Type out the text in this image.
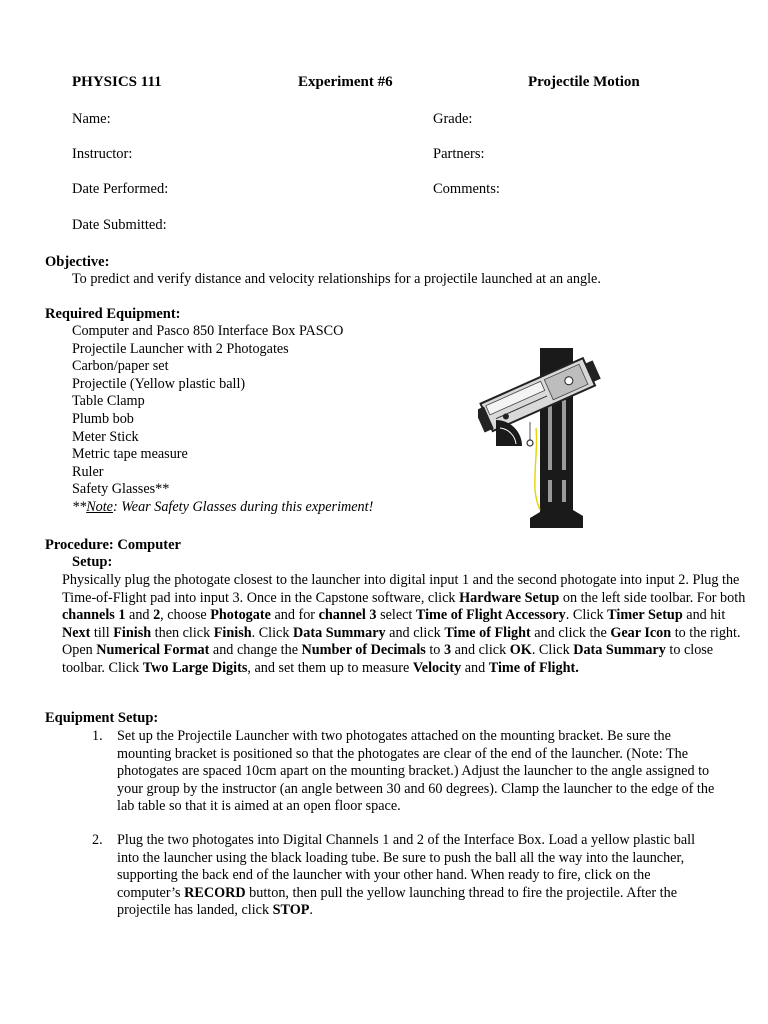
PHYSICS 111	Experiment #6	Projectile Motion
Name:	Grade:
Instructor:	Partners:
Date Performed:	Comments:
Date Submitted:
Objective:
To predict and verify distance and velocity relationships for a projectile launched at an angle.
Required Equipment:
Computer and Pasco 850 Interface Box PASCO
Projectile Launcher with 2 Photogates
Carbon/paper set
Projectile (Yellow plastic ball)
Table Clamp
Plumb bob
Meter Stick
Metric tape measure
Ruler
Safety Glasses**
**Note: Wear Safety Glasses during this experiment!
Procedure: Computer
Setup:
Physically plug the photogate closest to the launcher into digital input 1 and the second photogate into input 2. Plug the Time-of-Flight pad into input 3. Once in the Capstone software, click Hardware Setup on the left side toolbar. For both channels 1 and 2, choose Photogate and for channel 3 select Time of Flight Accessory. Click Timer Setup and hit Next till Finish then click Finish. Click Data Summary and click Time of Flight and click the Gear Icon to the right. Open Numerical Format and change the Number of Decimals to 3 and click OK. Click Data Summary to close toolbar. Click Two Large Digits, and set them up to measure Velocity and Time of Flight.
Equipment Setup:
1. Set up the Projectile Launcher with two photogates attached on the mounting bracket. Be sure the mounting bracket is positioned so that the photogates are clear of the end of the launcher. (Note: The photogates are spaced 10cm apart on the mounting bracket.) Adjust the launcher to the angle assigned to your group by the instructor (an angle between 30 and 60 degrees). Clamp the launcher to the edge of the lab table so that it is aimed at an open floor space.
2. Plug the two photogates into Digital Channels 1 and 2 of the Interface Box. Load a yellow plastic ball into the launcher using the black loading tube. Be sure to push the ball all the way into the launcher, supporting the back end of the launcher with your other hand. When ready to fire, click on the computer’s RECORD button, then pull the yellow launching thread to fire the projectile. After the projectile has landed, click STOP.
